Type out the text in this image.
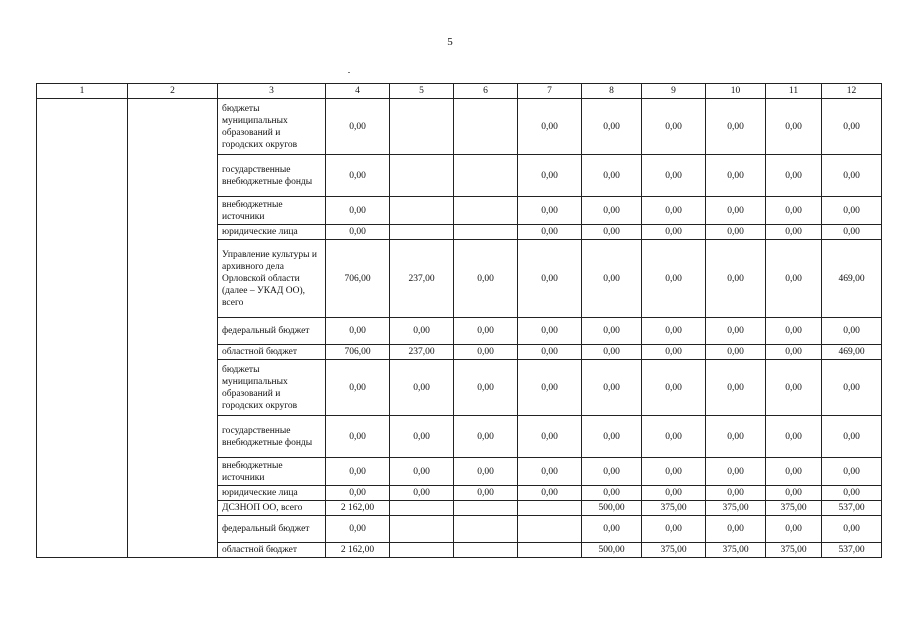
5
1	2	3	4	5	6	7	8	9	10	11	12
		бюджеты муниципальных образований и городских округов	0,00			0,00	0,00	0,00	0,00	0,00	0,00
		государственные внебюджетные фонды	0,00			0,00	0,00	0,00	0,00	0,00	0,00
		внебюджетные источники	0,00			0,00	0,00	0,00	0,00	0,00	0,00
		юридические лица	0,00			0,00	0,00	0,00	0,00	0,00	0,00
		Управление культуры и архивного дела Орловской области (далее – УКАД ОО), всего	706,00	237,00	0,00	0,00	0,00	0,00	0,00	0,00	469,00
		федеральный бюджет	0,00	0,00	0,00	0,00	0,00	0,00	0,00	0,00	0,00
		областной бюджет	706,00	237,00	0,00	0,00	0,00	0,00	0,00	0,00	469,00
		бюджеты муниципальных образований и городских округов	0,00	0,00	0,00	0,00	0,00	0,00	0,00	0,00	0,00
		государственные внебюджетные фонды	0,00	0,00	0,00	0,00	0,00	0,00	0,00	0,00	0,00
		внебюджетные источники	0,00	0,00	0,00	0,00	0,00	0,00	0,00	0,00	0,00
		юридические лица	0,00	0,00	0,00	0,00	0,00	0,00	0,00	0,00	0,00
		ДСЗНОП ОО, всего	2 162,00				500,00	375,00	375,00	375,00	537,00
		федеральный бюджет	0,00				0,00	0,00	0,00	0,00	0,00
		областной бюджет	2 162,00				500,00	375,00	375,00	375,00	537,00
